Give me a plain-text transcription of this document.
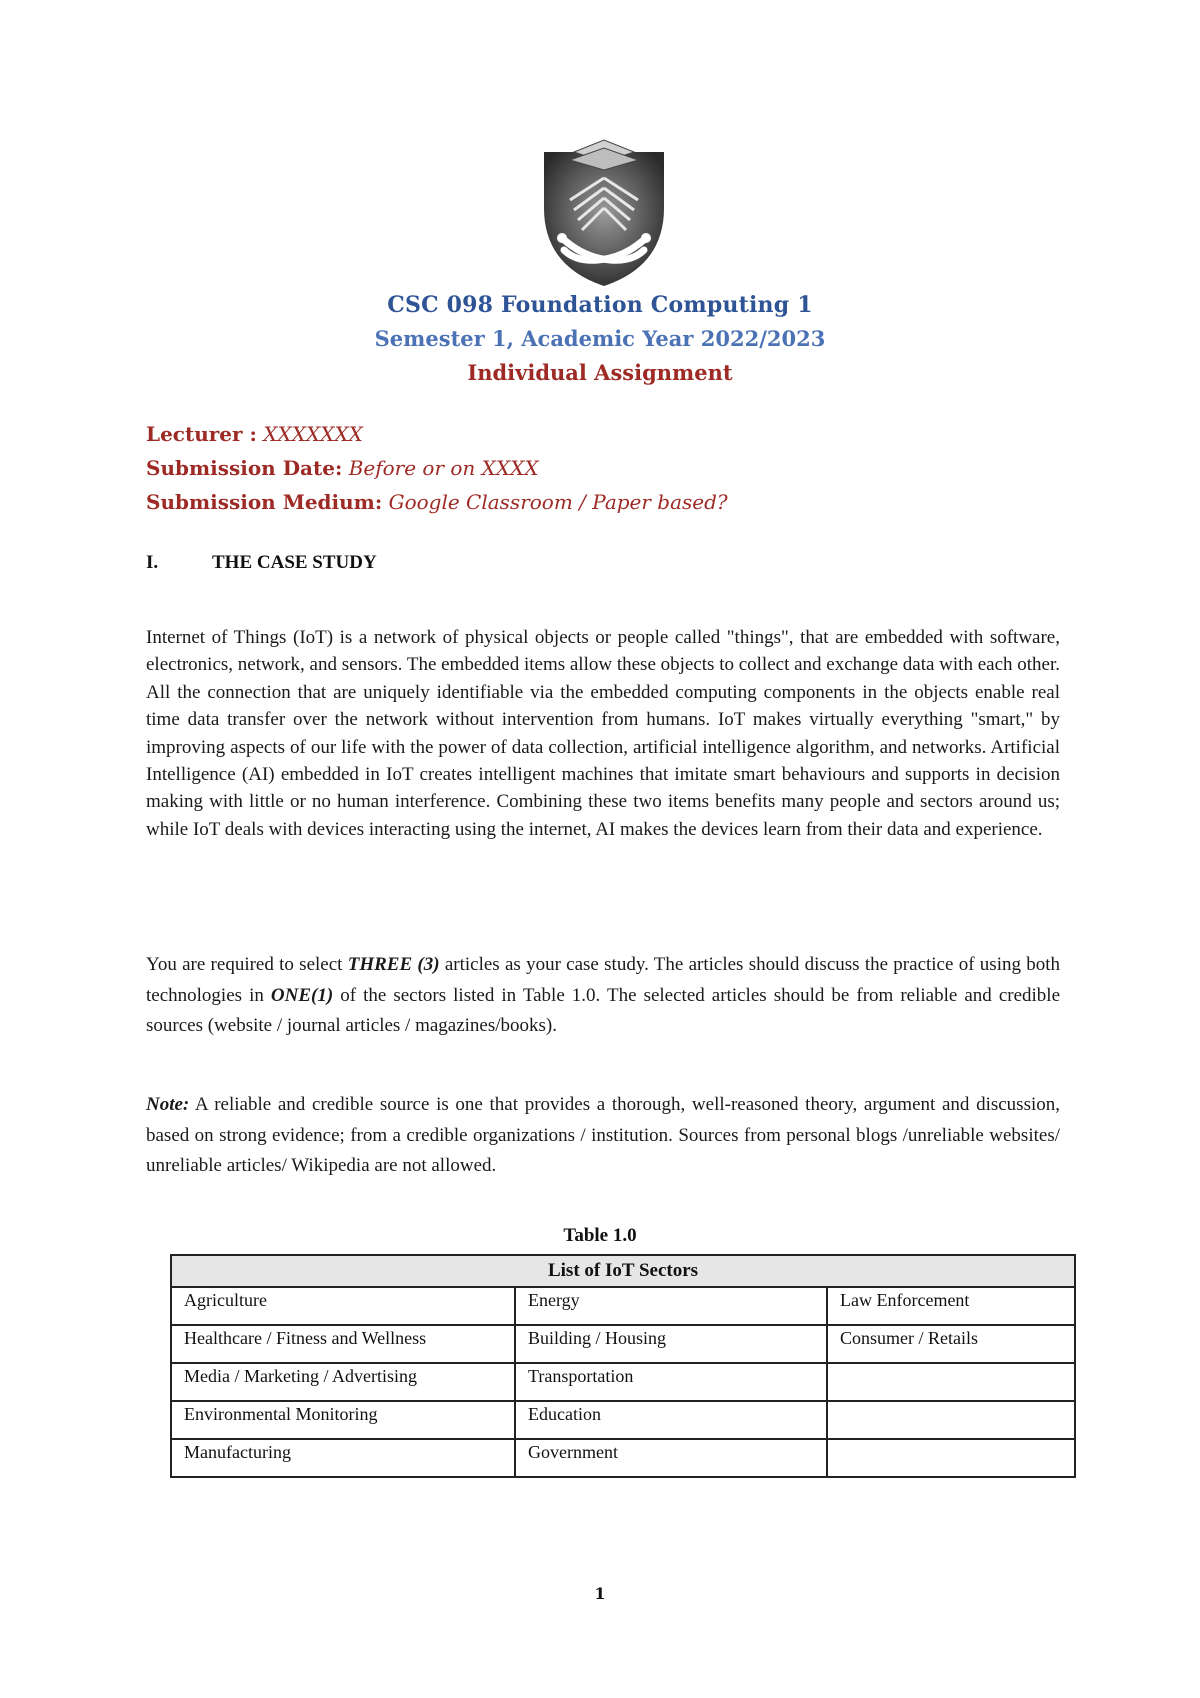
CSC 098 Foundation Computing 1
Semester 1, Academic Year 2022/2023
Individual Assignment
Lecturer : XXXXXXX
Submission Date: Before or on XXXX
Submission Medium: Google Classroom / Paper based?
I.	THE CASE STUDY
Internet of Things (IoT) is a network of physical objects or people called "things", that are embedded with software, electronics, network, and sensors. The embedded items allow these objects to collect and exchange data with each other. All the connection that are uniquely identifiable via the embedded computing components in the objects enable real time data transfer over the network without intervention from humans. IoT makes virtually everything "smart," by improving aspects of our life with the power of data collection, artificial intelligence algorithm, and networks. Artificial Intelligence (AI) embedded in IoT creates intelligent machines that imitate smart behaviours and supports in decision making with little or no human interference. Combining these two items benefits many people and sectors around us; while IoT deals with devices interacting using the internet, AI makes the devices learn from their data and experience.
You are required to select THREE (3) articles as your case study. The articles should discuss the practice of using both technologies in ONE(1) of the sectors listed in Table 1.0. The selected articles should be from reliable and credible sources (website / journal articles / magazines/books).
Note: A reliable and credible source is one that provides a thorough, well-reasoned theory, argument and discussion, based on strong evidence; from a credible organizations / institution. Sources from personal blogs /unreliable websites/ unreliable articles/ Wikipedia are not allowed.
Table 1.0
List of IoT Sectors		
Agriculture	Energy	Law Enforcement
Healthcare / Fitness and Wellness	Building / Housing	Consumer / Retails
Media / Marketing / Advertising	Transportation	
Environmental Monitoring	Education	
Manufacturing	Government	
1
